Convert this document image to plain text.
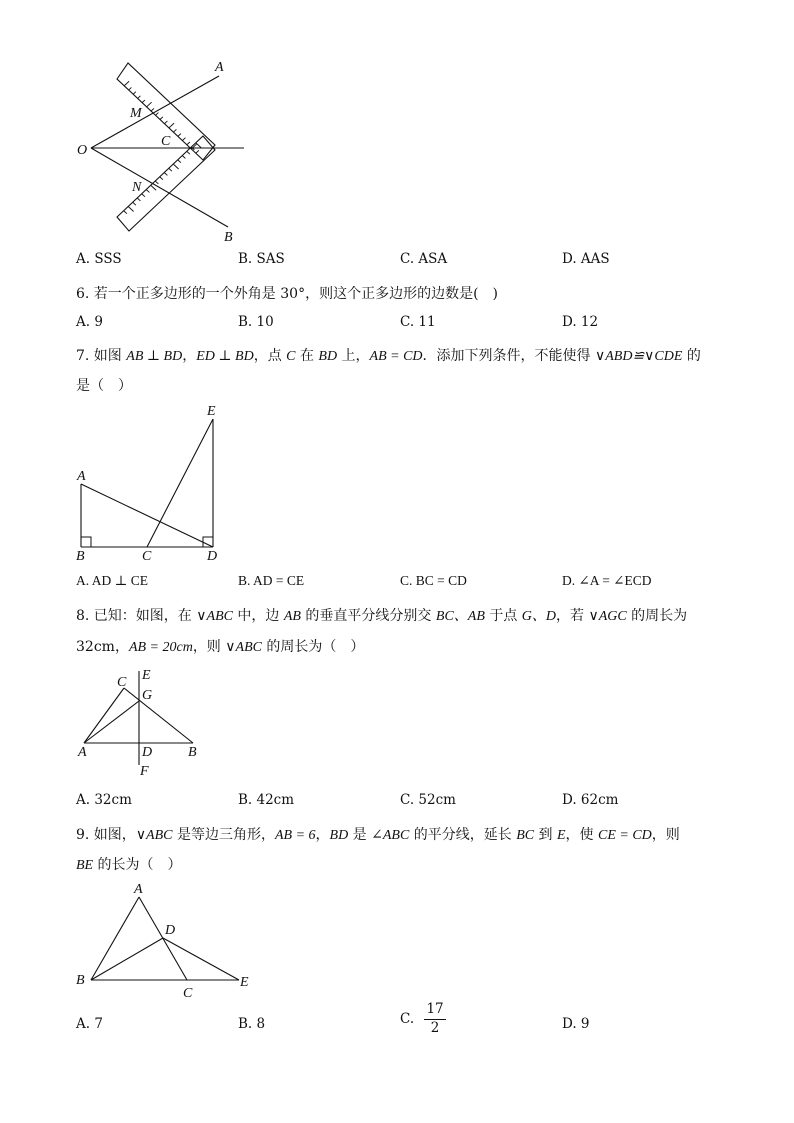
A
B
O
M
C
N
A. SSS	B. SAS	C. ASA	D. AAS
6. 若一个正多边形的一个外角是 30°，则这个正多边形的边数是(　)
A. 9	B. 10	C. 11	D. 12
7. 如图 AB ⊥ BD，ED ⊥ BD，点 C 在 BD 上，AB = CD．添加下列条件，不能使得 ∨ABD≌∨CDE 的
是（　）
E
A
B	C	D
A. AD ⊥ CE	B. AD = CE	C. BC = CD	D. ∠A = ∠ECD
8. 已知：如图，在 ∨ABC 中，边 AB 的垂直平分线分别交 BC、AB 于点 G、D，若 ∨AGC 的周长为
32cm，AB = 20cm，则 ∨ABC 的周长为（　）
E
C
G
A	D	B
F
A. 32cm	B. 42cm	C. 52cm	D. 62cm
9. 如图，∨ABC 是等边三角形，AB = 6，BD 是 ∠ABC 的平分线，延长 BC 到 E，使 CE = CD，则
BE 的长为（　）
A
D
B
C
E
A. 7	B. 8	C. $\frac{17}{2}$	D. 9
